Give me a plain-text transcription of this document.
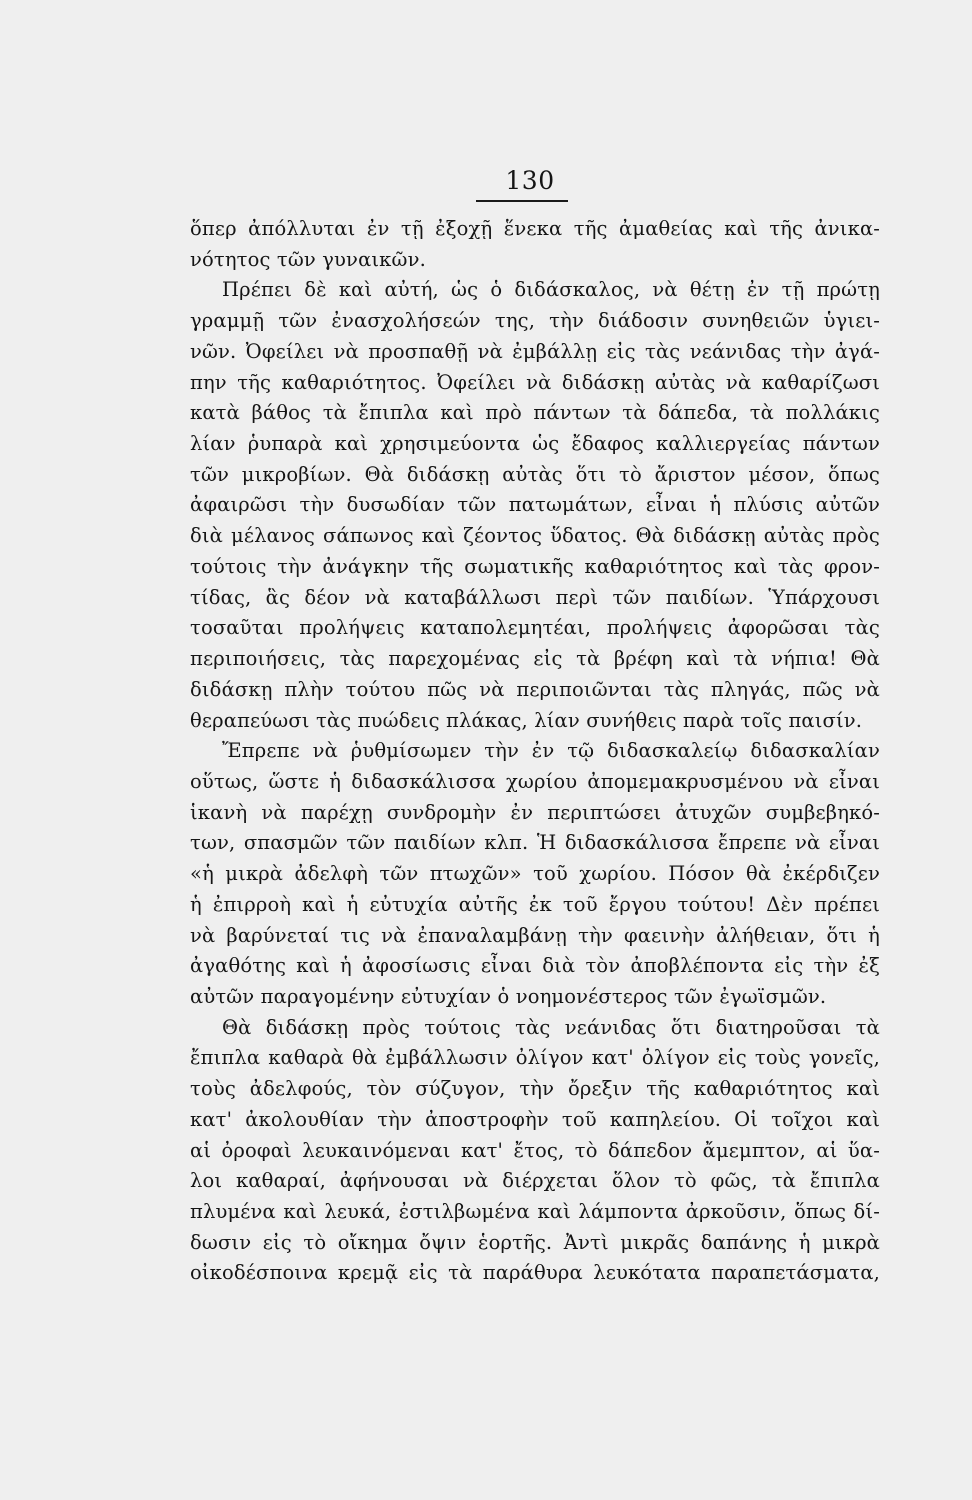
130
ὅπερ ἀπόλλυται ἐν τῇ ἐξοχῇ ἕνεκα τῆς ἀμαθείας καὶ τῆς ἀνικα-
νότητος τῶν γυναικῶν.
Πρέπει δὲ καὶ αὐτή, ὡς ὁ διδάσκαλος, νὰ θέτῃ ἐν τῇ πρώτῃ
γραμμῇ τῶν ἐνασχολήσεών της, τὴν διάδοσιν συνηθειῶν ὑγιει-
νῶν. Ὀφείλει νὰ προσπαθῇ νὰ ἐμβάλλῃ εἰς τὰς νεάνιδας τὴν ἀγά-
πην τῆς καθαριότητος. Ὀφείλει νὰ διδάσκῃ αὐτὰς νὰ καθαρίζωσι
κατὰ βάθος τὰ ἔπιπλα καὶ πρὸ πάντων τὰ δάπεδα, τὰ πολλάκις
λίαν ῥυπαρὰ καὶ χρησιμεύοντα ὡς ἔδαφος καλλιεργείας πάντων
τῶν μικροβίων. Θὰ διδάσκῃ αὐτὰς ὅτι τὸ ἄριστον μέσον, ὅπως
ἀφαιρῶσι τὴν δυσωδίαν τῶν πατωμάτων, εἶναι ἡ πλύσις αὐτῶν
διὰ μέλανος σάπωνος καὶ ζέοντος ὕδατος. Θὰ διδάσκῃ αὐτὰς πρὸς
τούτοις τὴν ἀνάγκην τῆς σωματικῆς καθαριότητος καὶ τὰς φρον-
τίδας, ἃς δέον νὰ καταβάλλωσι περὶ τῶν παιδίων. Ὑπάρχουσι
τοσαῦται προλήψεις καταπολεμητέαι, προλήψεις ἀφορῶσαι τὰς
περιποιήσεις, τὰς παρεχομένας εἰς τὰ βρέφη καὶ τὰ νήπια! Θὰ
διδάσκῃ πλὴν τούτου πῶς νὰ περιποιῶνται τὰς πληγάς, πῶς νὰ
θεραπεύωσι τὰς πυώδεις πλάκας, λίαν συνήθεις παρὰ τοῖς παισίν.
Ἔπρεπε νὰ ῥυθμίσωμεν τὴν ἐν τῷ διδασκαλείῳ διδασκαλίαν
οὕτως, ὥστε ἡ διδασκάλισσα χωρίου ἀπομεμακρυσμένου νὰ εἶναι
ἱκανὴ νὰ παρέχῃ συνδρομὴν ἐν περιπτώσει ἀτυχῶν συμβεβηκό-
των, σπασμῶν τῶν παιδίων κλπ. Ἡ διδασκάλισσα ἔπρεπε νὰ εἶναι
«ἡ μικρὰ ἀδελφὴ τῶν πτωχῶν» τοῦ χωρίου. Πόσον θὰ ἐκέρδιζεν
ἡ ἐπιρροὴ καὶ ἡ εὐτυχία αὐτῆς ἐκ τοῦ ἔργου τούτου! Δὲν πρέπει
νὰ βαρύνεταί τις νὰ ἐπαναλαμβάνῃ τὴν φαεινὴν ἀλήθειαν, ὅτι ἡ
ἀγαθότης καὶ ἡ ἀφοσίωσις εἶναι διὰ τὸν ἀποβλέποντα εἰς τὴν ἐξ
αὐτῶν παραγομένην εὐτυχίαν ὁ νοημονέστερος τῶν ἐγωϊσμῶν.
Θὰ διδάσκῃ πρὸς τούτοις τὰς νεάνιδας ὅτι διατηροῦσαι τὰ
ἔπιπλα καθαρὰ θὰ ἐμβάλλωσιν ὀλίγον κατ' ὀλίγον εἰς τοὺς γονεῖς,
τοὺς ἀδελφούς, τὸν σύζυγον, τὴν ὄρεξιν τῆς καθαριότητος καὶ
κατ' ἀκολουθίαν τὴν ἀποστροφὴν τοῦ καπηλείου. Οἱ τοῖχοι καὶ
αἱ ὀροφαὶ λευκαινόμεναι κατ' ἔτος, τὸ δάπεδον ἄμεμπτον, αἱ ὕα-
λοι καθαραί, ἀφήνουσαι νὰ διέρχεται ὅλον τὸ φῶς, τὰ ἔπιπλα
πλυμένα καὶ λευκά, ἐστιλβωμένα καὶ λάμποντα ἀρκοῦσιν, ὅπως δί-
δωσιν εἰς τὸ οἴκημα ὄψιν ἑορτῆς. Ἀντὶ μικρᾶς δαπάνης ἡ μικρὰ
οἰκοδέσποινα κρεμᾷ εἰς τὰ παράθυρα λευκότατα παραπετάσματα,
